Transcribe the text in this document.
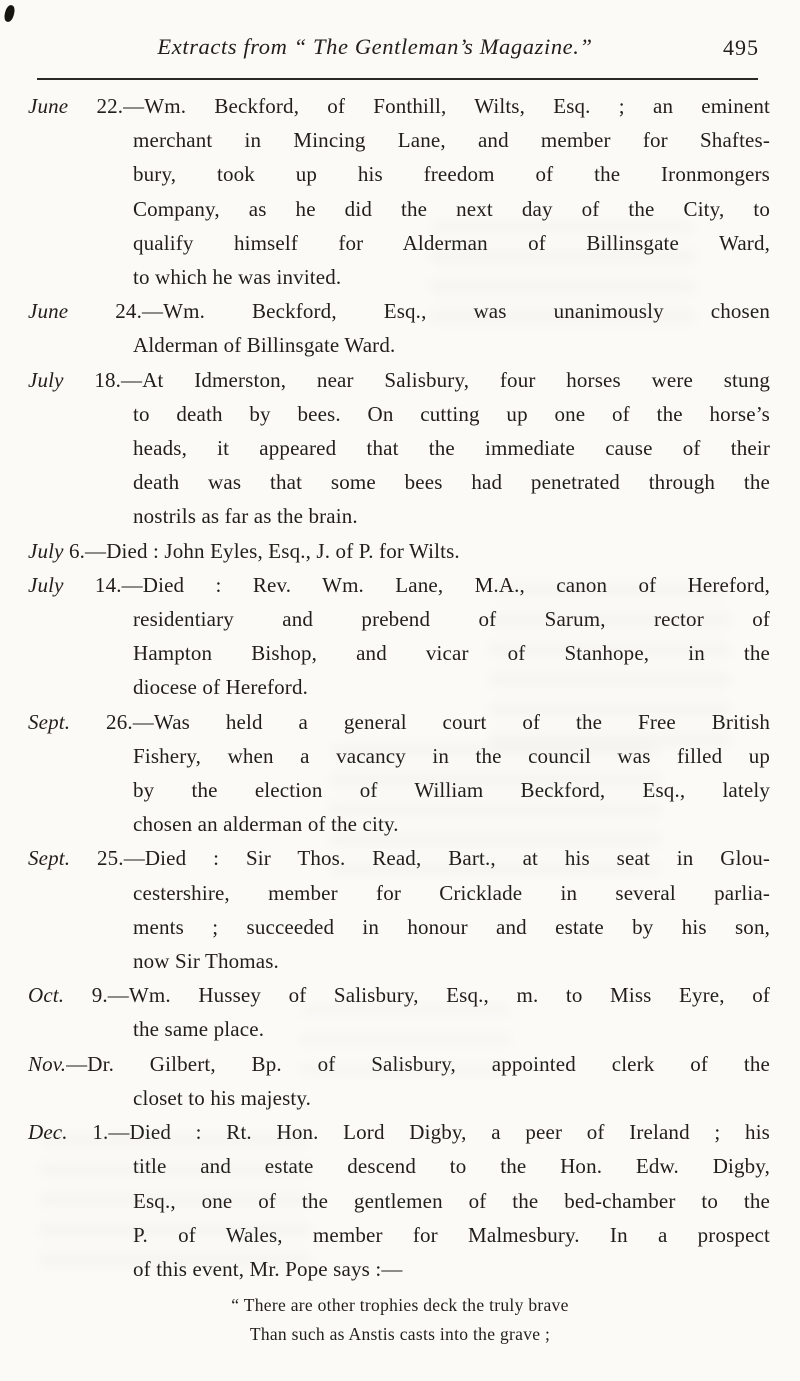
Extracts from “ The Gentleman’s Magazine.”	495
June 22.—Wm. Beckford, of Fonthill, Wilts, Esq. ; an eminent
merchant in Mincing Lane, and member for Shaftes-
bury, took up his freedom of the Ironmongers
Company, as he did the next day of the City, to
qualify himself for Alderman of Billinsgate Ward,
to which he was invited.
June 24.—Wm. Beckford, Esq., was unanimously chosen
Alderman of Billinsgate Ward.
July 18.—At Idmerston, near Salisbury, four horses were stung
to death by bees. On cutting up one of the horse’s
heads, it appeared that the immediate cause of their
death was that some bees had penetrated through the
nostrils as far as the brain.
July 6.—Died : John Eyles, Esq., J. of P. for Wilts.
July 14.—Died : Rev. Wm. Lane, M.A., canon of Hereford,
residentiary and prebend of Sarum, rector of
Hampton Bishop, and vicar of Stanhope, in the
diocese of Hereford.
Sept. 26.—Was held a general court of the Free British
Fishery, when a vacancy in the council was filled up
by the election of William Beckford, Esq., lately
chosen an alderman of the city.
Sept. 25.—Died : Sir Thos. Read, Bart., at his seat in Glou-
cestershire, member for Cricklade in several parlia-
ments ; succeeded in honour and estate by his son,
now Sir Thomas.
Oct. 9.—Wm. Hussey of Salisbury, Esq., m. to Miss Eyre, of
the same place.
Nov.—Dr. Gilbert, Bp. of Salisbury, appointed clerk of the
closet to his majesty.
Dec. 1.—Died : Rt. Hon. Lord Digby, a peer of Ireland ; his
title and estate descend to the Hon. Edw. Digby,
Esq., one of the gentlemen of the bed-chamber to the
P. of Wales, member for Malmesbury. In a prospect
of this event, Mr. Pope says :—
“ There are other trophies deck the truly brave
Than such as Anstis casts into the grave ;
